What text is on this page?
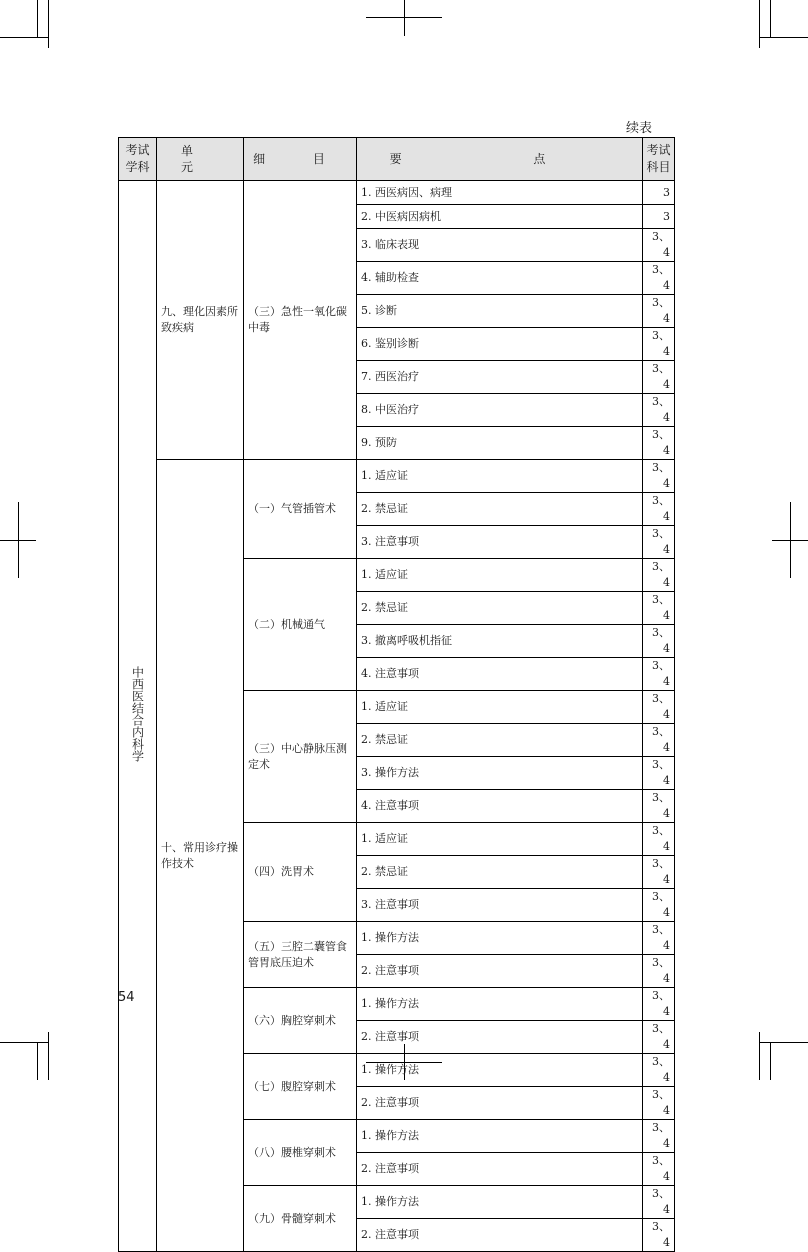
续表
考试学科	单 元	细 目	要 点	考试科目
中西医结合内科学	九、理化因素所致疾病	（三）急性一氧化碳中毒	1. 西医病因、病理	3
			2. 中医病因病机	3
			3. 临床表现	3、4
			4. 辅助检查	3、4
			5. 诊断	3、4
			6. 鉴别诊断	3、4
			7. 西医治疗	3、4
			8. 中医治疗	3、4
			9. 预防	3、4
	十、常用诊疗操作技术	（一）气管插管术	1. 适应证	3、4
			2. 禁忌证	3、4
			3. 注意事项	3、4
		（二）机械通气	1. 适应证	3、4
			2. 禁忌证	3、4
			3. 撤离呼吸机指征	3、4
			4. 注意事项	3、4
		（三）中心静脉压测定术	1. 适应证	3、4
			2. 禁忌证	3、4
			3. 操作方法	3、4
			4. 注意事项	3、4
		（四）洗胃术	1. 适应证	3、4
			2. 禁忌证	3、4
			3. 注意事项	3、4
		（五）三腔二囊管食管胃底压迫术	1. 操作方法	3、4
			2. 注意事项	3、4
		（六）胸腔穿刺术	1. 操作方法	3、4
			2. 注意事项	3、4
		（七）腹腔穿刺术	1. 操作方法	3、4
			2. 注意事项	3、4
		（八）腰椎穿刺术	1. 操作方法	3、4
			2. 注意事项	3、4
		（九）骨髓穿刺术	1. 操作方法	3、4
			2. 注意事项	3、4
54
